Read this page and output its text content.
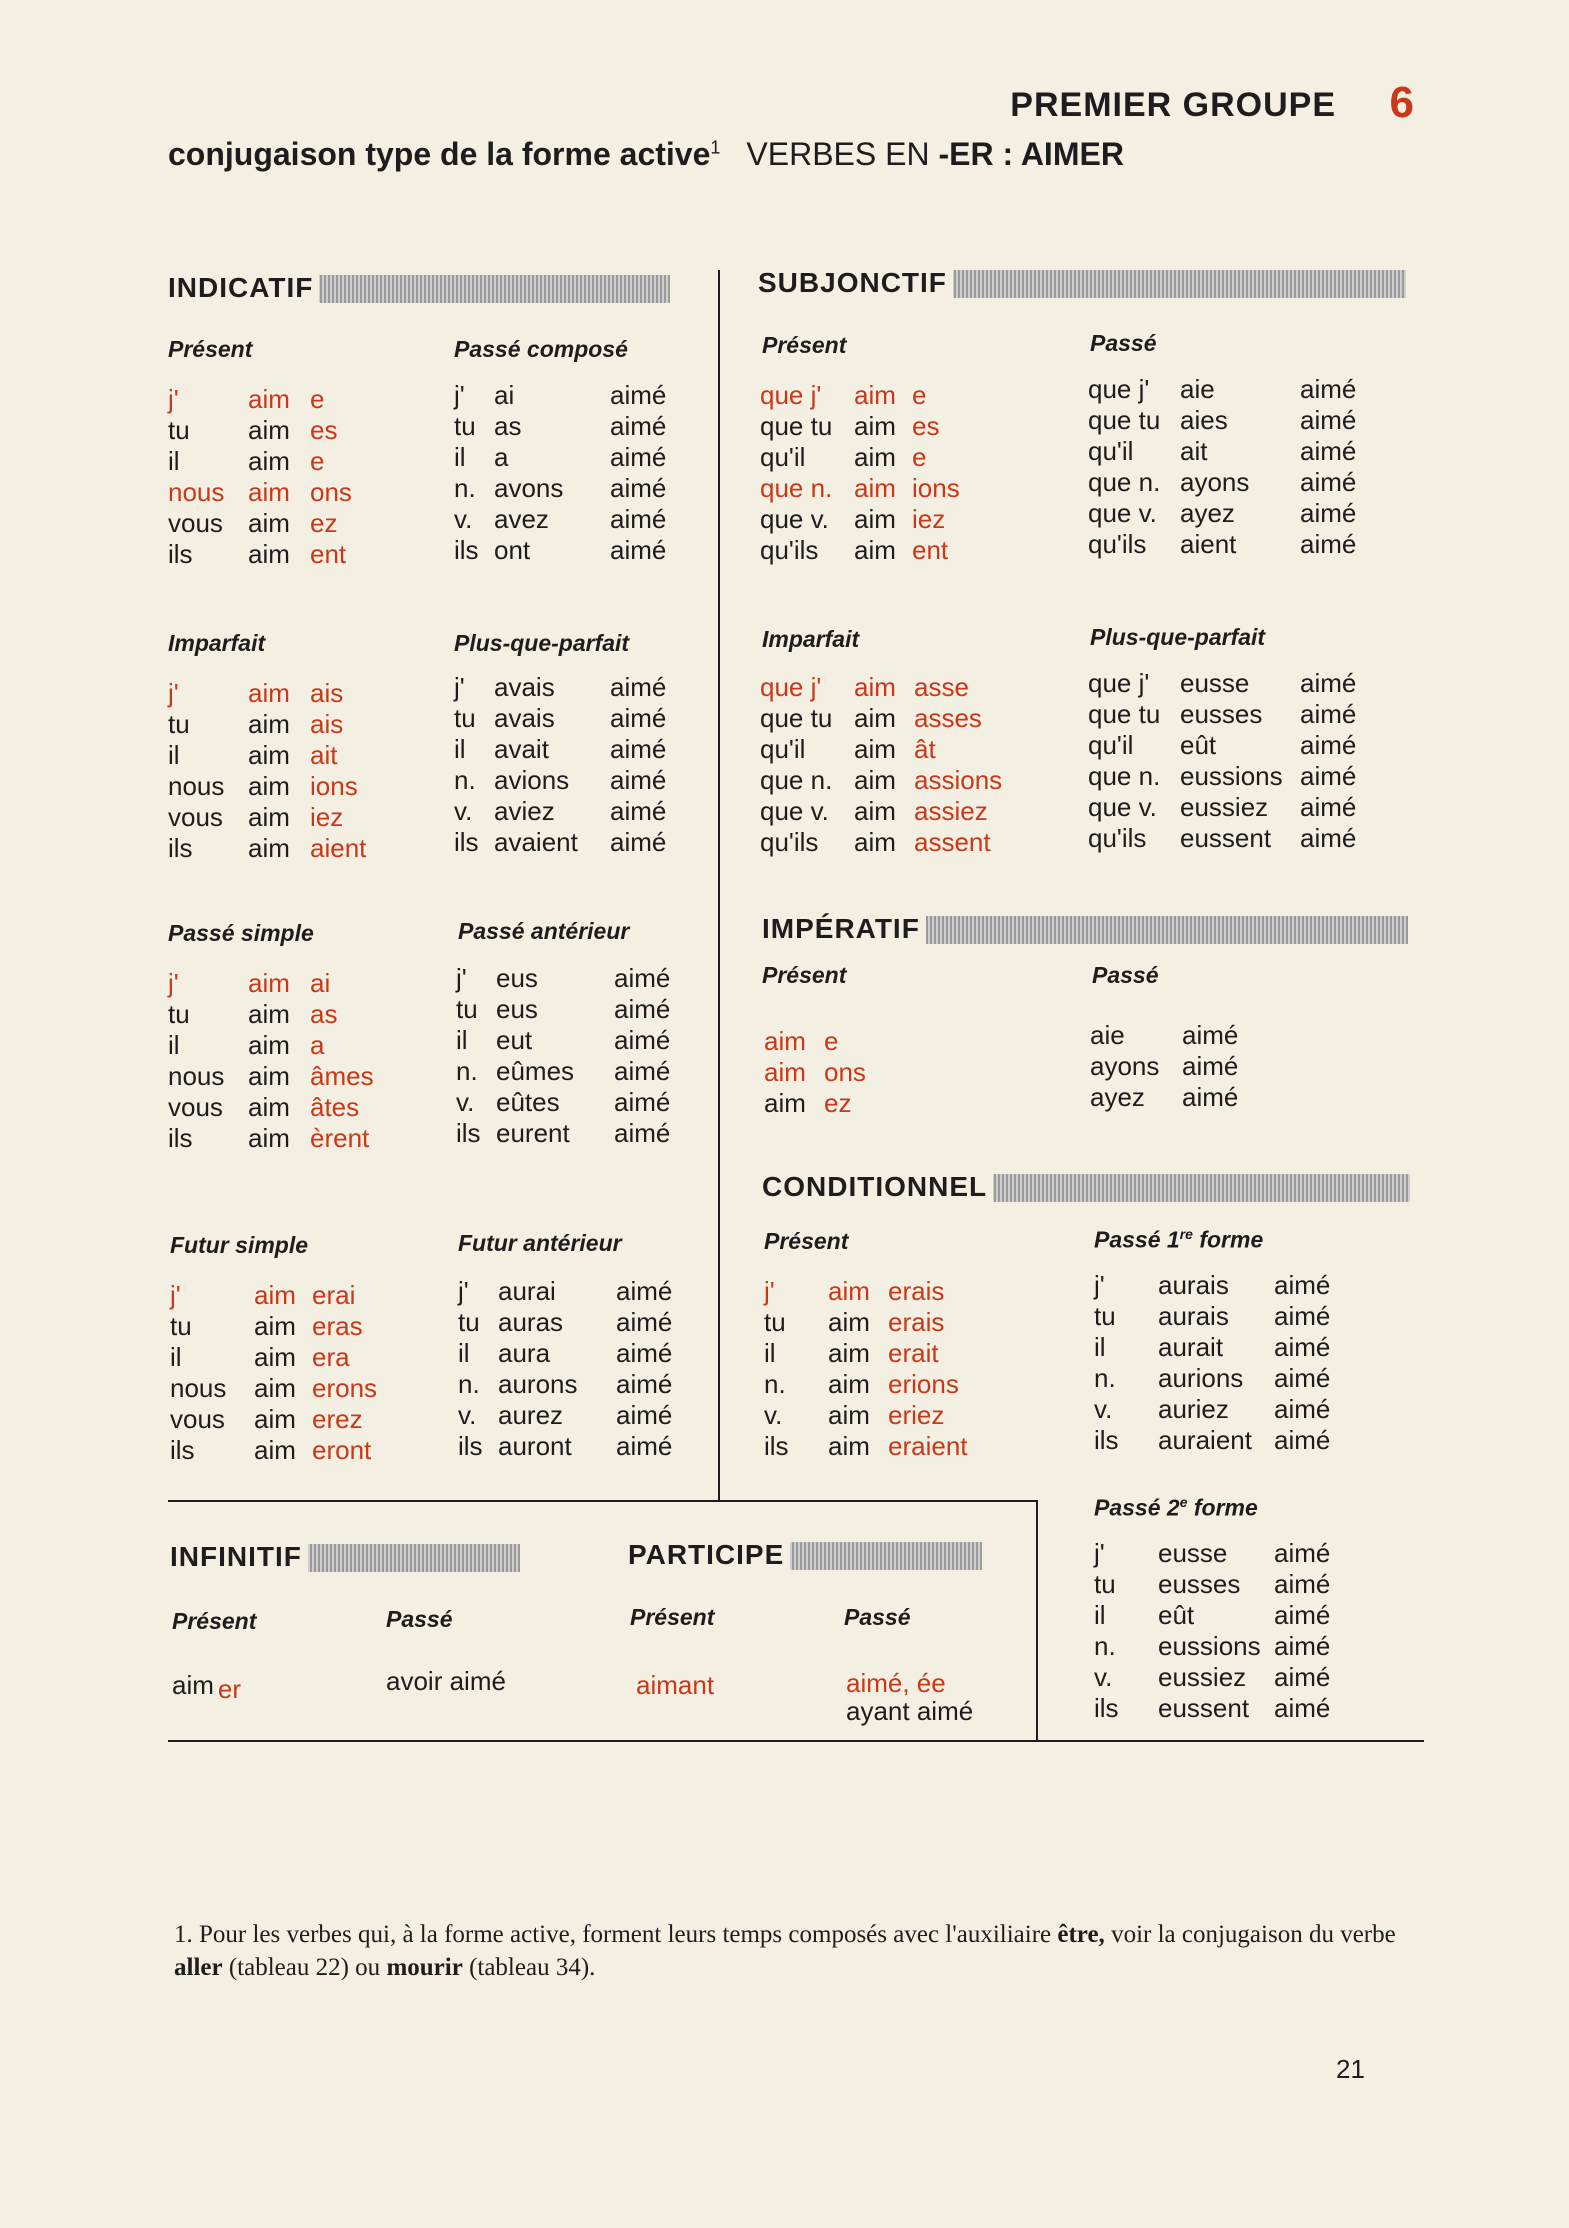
PREMIER GROUPE 6
conjugaison type de la forme active$^1$ VERBES EN -ER : AIMER
INDICATIF	SUBJONCTIF
IMPÉRATIF
CONDITIONNEL
INFINITIF	PARTICIPE
Présent
j'	aim e
tu aim es
il	aim e
nous aim ons
vous aim ez
ils aim ent
Passé composé
j' ai	aimé
tu as	aimé
il a	aimé
n. avons aimé
v. avez aimé
ils ont	aimé
Imparfait
j'	aim ais
tu aim ais
il	aim ait
nous aim ions
vous aim iez
ils aim aient
Plus-que-parfait
j' avais aimé
tu avais aimé
il avait aimé
n. avions aimé
v. aviez aimé
ils avaient aimé
Passé simple
j'	aim ai
tu aim as
il	aim a
nous aim âmes
vous aim âtes
ils aim èrent
Passé antérieur
j' eus	aimé
tu eus	aimé
il eut	aimé
n. eûmes aimé
v. eûtes aimé
ils eurent aimé
Futur simple
j'	aim erai
tu aim eras
il	aim era
nous aim erons
vous aim erez
ils aim eront
Futur antérieur
j' aurai aimé
tu auras aimé
il aura	aimé
n. aurons aimé
v. aurez aimé
ils auront aimé
Présent
que j' aim e
que tu aim es
qu'il aim e
que n. aim ions
que v. aim iez
qu'ils aim ent
Passé
que j' aie	aimé
que tu aies	aimé
qu'il ait	aimé
que n. ayons aimé
que v. ayez	aimé
qu'ils aient aimé
Imparfait
que j' aim asse
que tu aim asses
qu'il aim ât
que n. aim assions
que v. aim assiez
qu'ils aim assent
Plus-que-parfait
que j' eusse aimé
que tu eusses aimé
qu'il eût	aimé
que n. eussions aimé
que v. eussiez aimé
qu'ils eussent aimé
Présent
aim e
aim ons
aim ez
Passé
aie aimé
ayons aimé
ayez aimé
Présent
j' aim erais
tu aim erais
il aim erait
n. aim erions
v. aim eriez
ils aim eraient
Passé 1re forme
j' aurais aimé
tu aurais aimé
il aurait aimé
n. aurions aimé
v. auriez aimé
ils auraient aimé
Passé 2e forme
j' eusse aimé
tu eusses aimé
il eût	aimé
n. eussions aimé
v. eussiez aimé
ils eussent aimé
Présent	Passé
aim er	avoir aimé
Présent	Passé
aimant	aimé, ée
ayant aimé
1. Pour les verbes qui, à la forme active, forment leurs temps composés avec l'auxiliaire être, voir la conjugaison du verbe aller (tableau 22) ou mourir (tableau 34).
21
